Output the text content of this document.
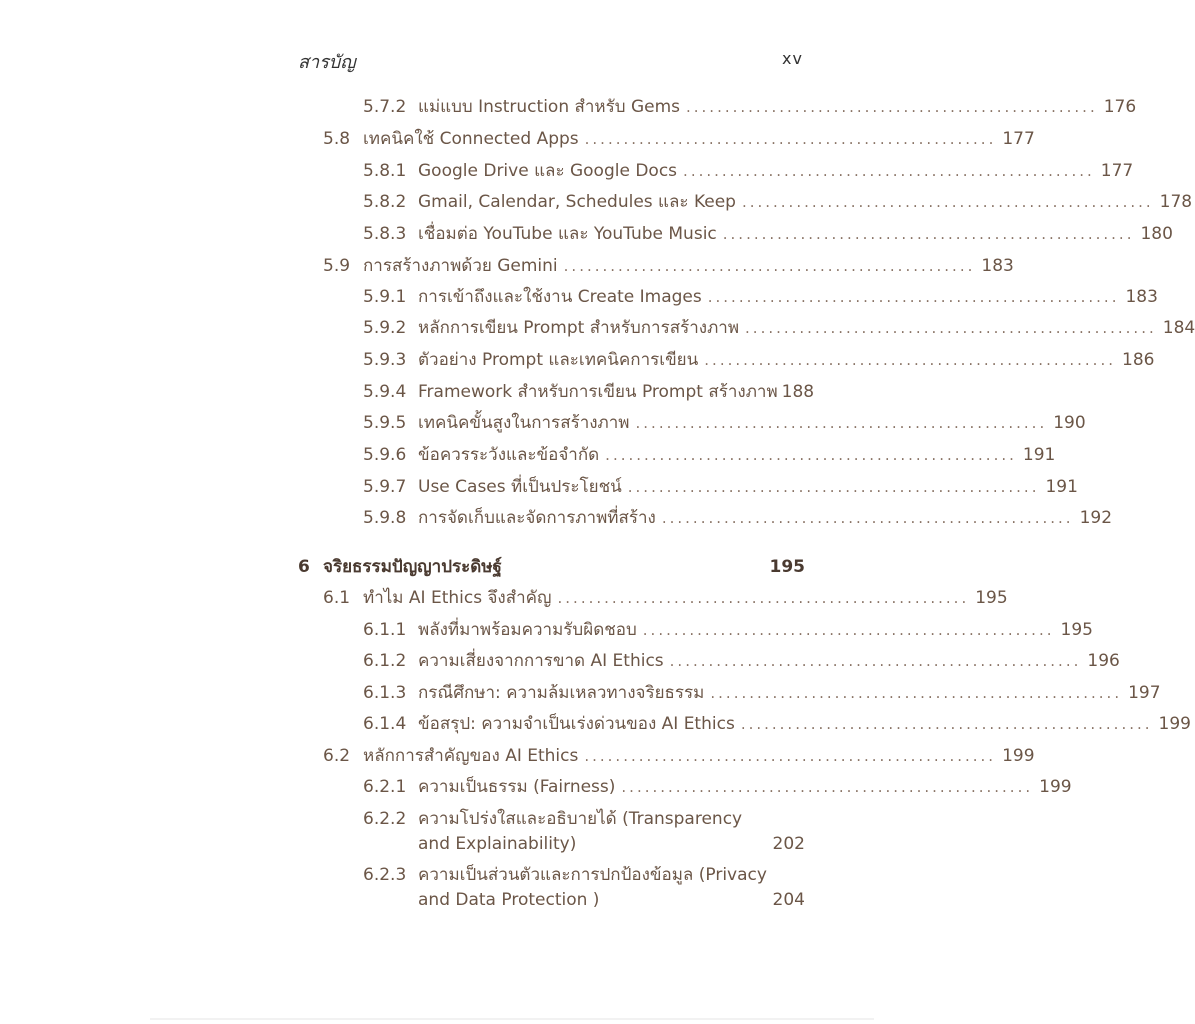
สารบัญ	xv
5.7.2 แม่แบบ Instruction สำหรับ Gems ..................................................... 176
5.8 เทคนิคใช้ Connected Apps ..................................................... 177
5.8.1 Google Drive และ Google Docs ..................................................... 177
5.8.2 Gmail, Calendar, Schedules และ Keep ..................................................... 178
5.8.3 เชื่อมต่อ YouTube และ YouTube Music ..................................................... 180
5.9 การสร้างภาพด้วย Gemini ..................................................... 183
5.9.1 การเข้าถึงและใช้งาน Create Images ..................................................... 183
5.9.2 หลักการเขียน Prompt สำหรับการสร้างภาพ ..................................................... 184
5.9.3 ตัวอย่าง Prompt และเทคนิคการเขียน ..................................................... 186
5.9.4 Framework สำหรับการเขียน Prompt สร้างภาพ 188
5.9.5 เทคนิคขั้นสูงในการสร้างภาพ ..................................................... 190
5.9.6 ข้อควรระวังและข้อจำกัด ..................................................... 191
5.9.7 Use Cases ที่เป็นประโยชน์ ..................................................... 191
5.9.8 การจัดเก็บและจัดการภาพที่สร้าง ..................................................... 192
6 จริยธรรมปัญญาประดิษฐ์	195
6.1 ทำไม AI Ethics จึงสำคัญ ..................................................... 195
6.1.1 พลังที่มาพร้อมความรับผิดชอบ ..................................................... 195
6.1.2 ความเสี่ยงจากการขาด AI Ethics ..................................................... 196
6.1.3 กรณีศึกษา: ความล้มเหลวทางจริยธรรม ..................................................... 197
6.1.4 ข้อสรุป: ความจำเป็นเร่งด่วนของ AI Ethics ..................................................... 199
6.2 หลักการสำคัญของ AI Ethics ..................................................... 199
6.2.1 ความเป็นธรรม (Fairness) ..................................................... 199
6.2.2 ความโปร่งใสและอธิบายได้ (Transparency and Explainability)	202
6.2.3 ความเป็นส่วนตัวและการปกป้องข้อมูล (Privacy and Data Protection )	204
